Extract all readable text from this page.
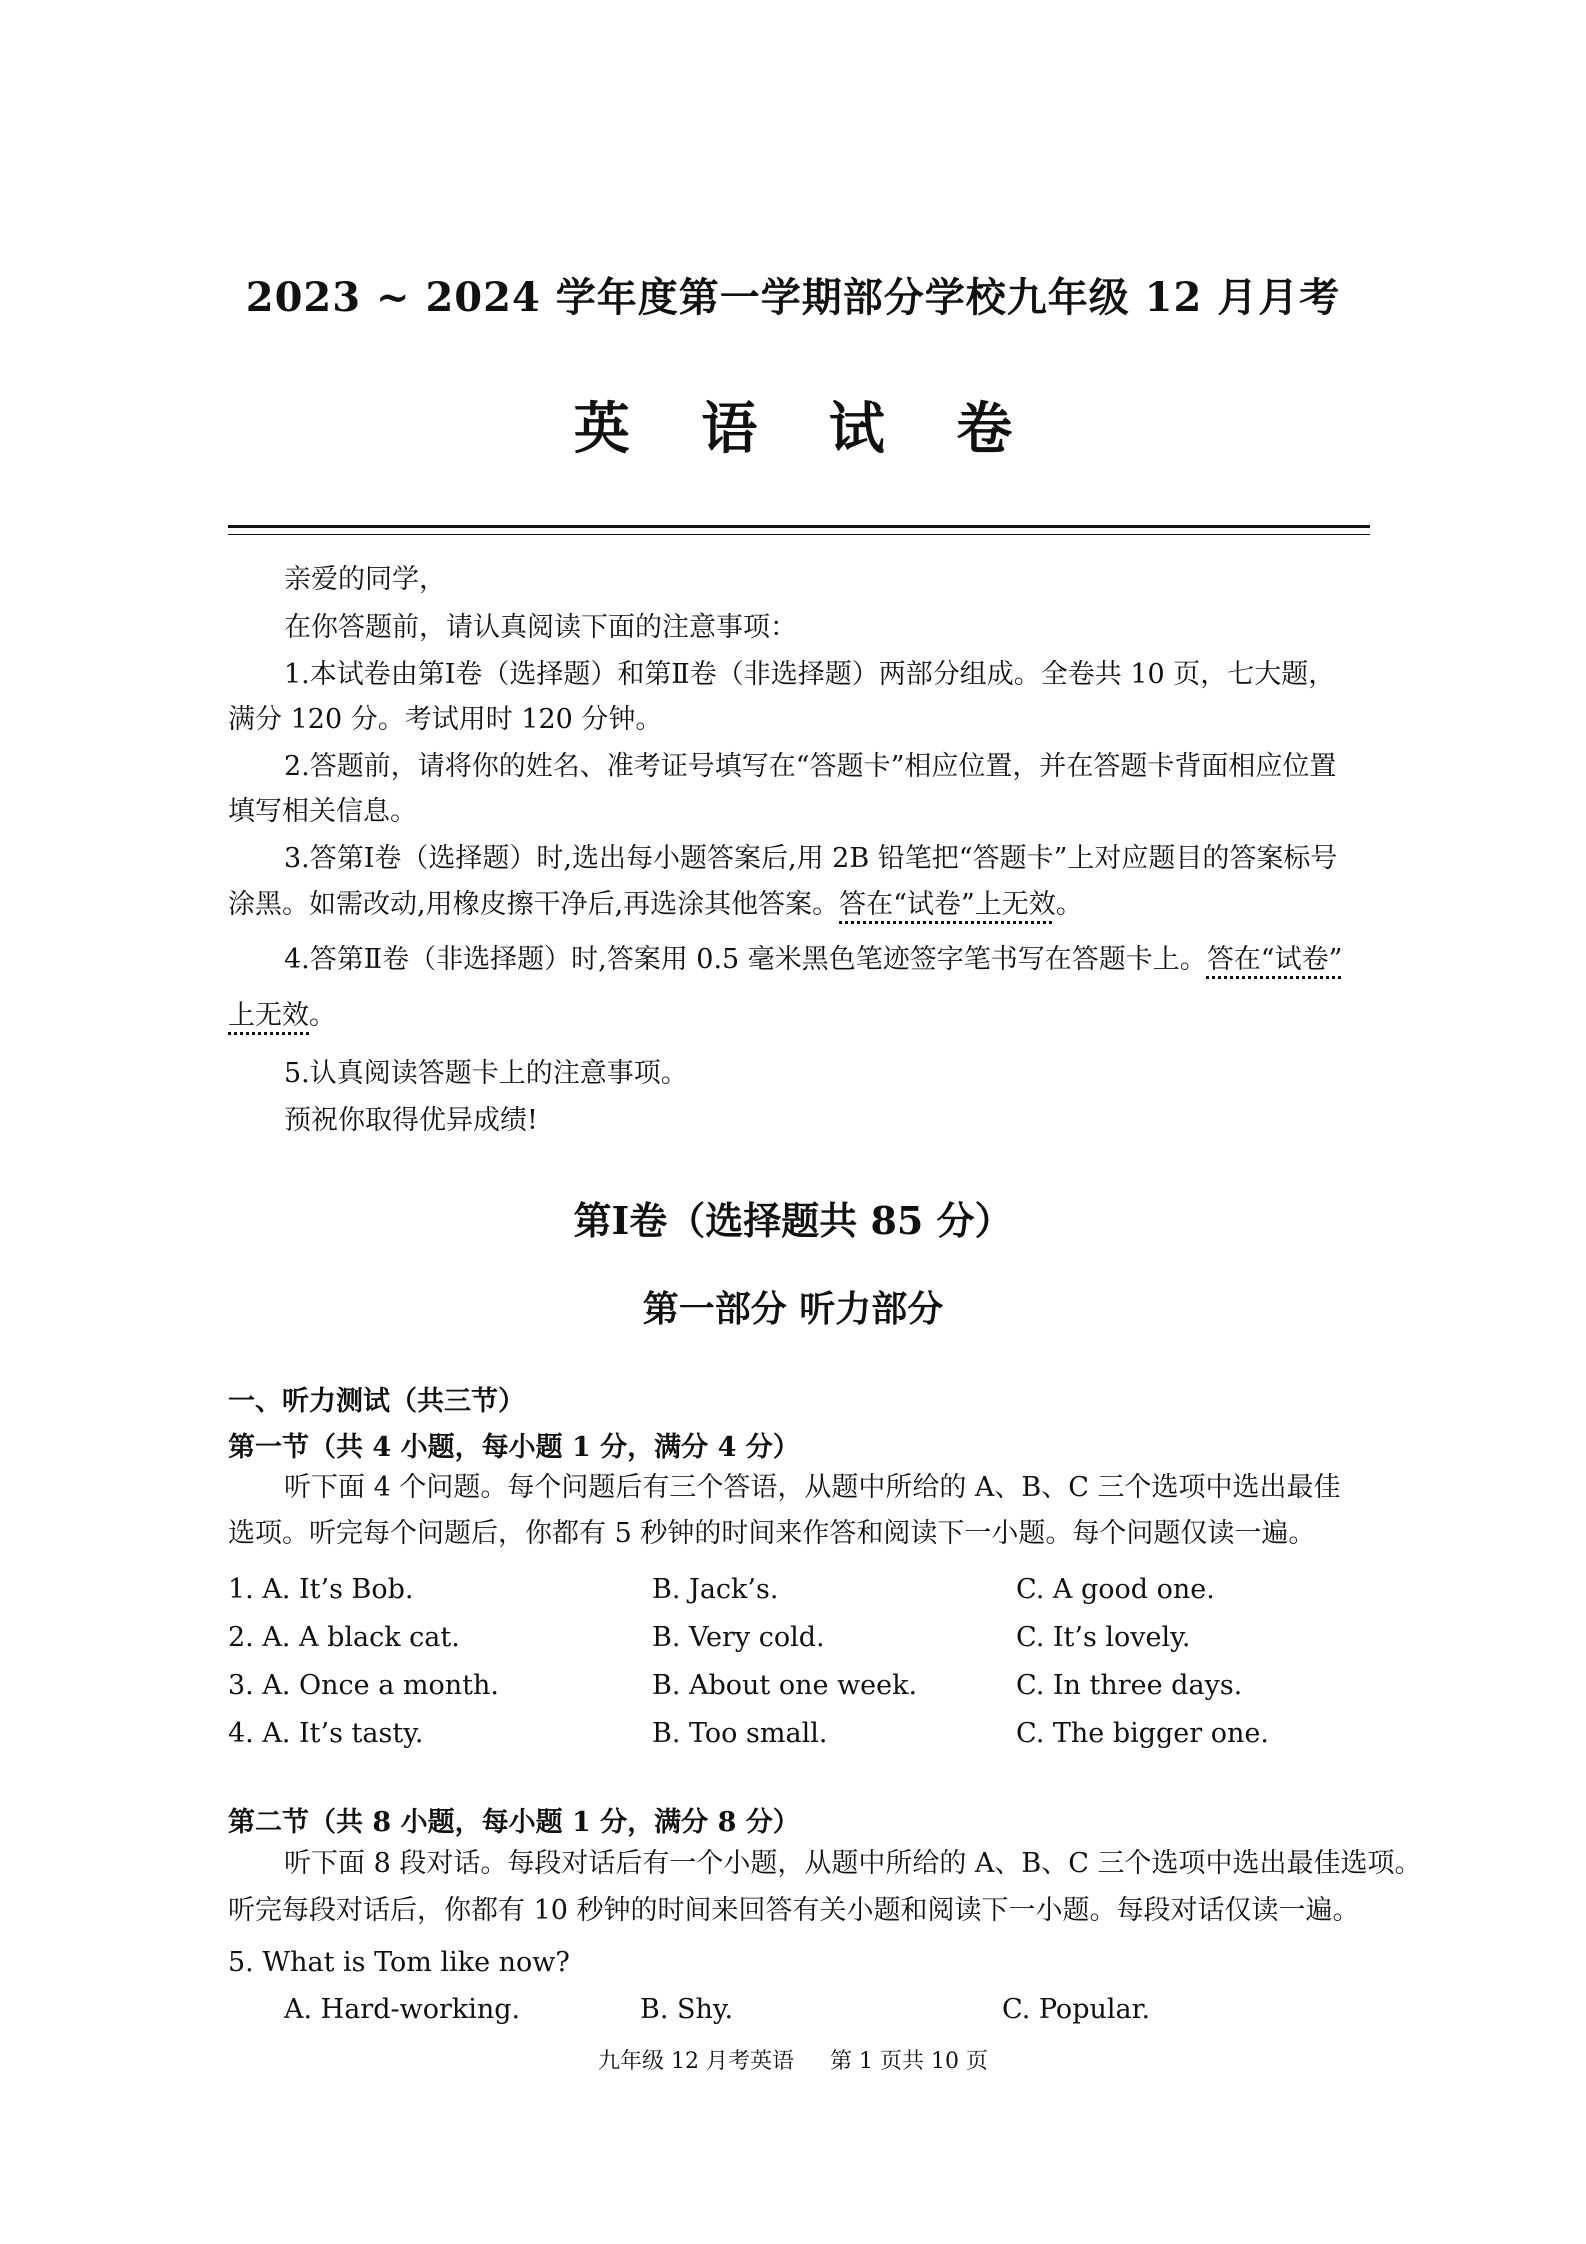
2023 ~ 2024 学年度第一学期部分学校九年级 12 月月考
英 语 试 卷
亲爱的同学，
在你答题前，请认真阅读下面的注意事项：
1.本试卷由第Ⅰ卷（选择题）和第Ⅱ卷（非选择题）两部分组成。全卷共 10 页，七大题，
满分 120 分。考试用时 120 分钟。
2.答题前，请将你的姓名、准考证号填写在“答题卡”相应位置，并在答题卡背面相应位置
填写相关信息。
3.答第Ⅰ卷（选择题）时,选出每小题答案后,用 2B 铅笔把“答题卡”上对应题目的答案标号
涂黑。如需改动,用橡皮擦干净后,再选涂其他答案。答在“试卷”上无效。
4.答第Ⅱ卷（非选择题）时,答案用 0.5 毫米黑色笔迹签字笔书写在答题卡上。答在“试卷”
上无效。
5.认真阅读答题卡上的注意事项。
预祝你取得优异成绩!
第Ⅰ卷（选择题共 85 分）
第一部分 听力部分
一、听力测试（共三节）
第一节（共 4 小题，每小题 1 分，满分 4 分）
听下面 4 个问题。每个问题后有三个答语，从题中所给的 A、B、C 三个选项中选出最佳
选项。听完每个问题后，你都有 5 秒钟的时间来作答和阅读下一小题。每个问题仅读一遍。
1. A. It’s Bob.	B. Jack’s.	C. A good one.
2. A. A black cat.	B. Very cold.	C. It’s lovely.
3. A. Once a month.	B. About one week.	C. In three days.
4. A. It’s tasty.	B. Too small.	C. The bigger one.
第二节（共 8 小题，每小题 1 分，满分 8 分）
听下面 8 段对话。每段对话后有一个小题，从题中所给的 A、B、C 三个选项中选出最佳选项。
听完每段对话后，你都有 10 秒钟的时间来回答有关小题和阅读下一小题。每段对话仅读一遍。
5. What is Tom like now?
A. Hard-working.	B. Shy.	C. Popular.
九年级 12 月考英语 第 1 页共 10 页
